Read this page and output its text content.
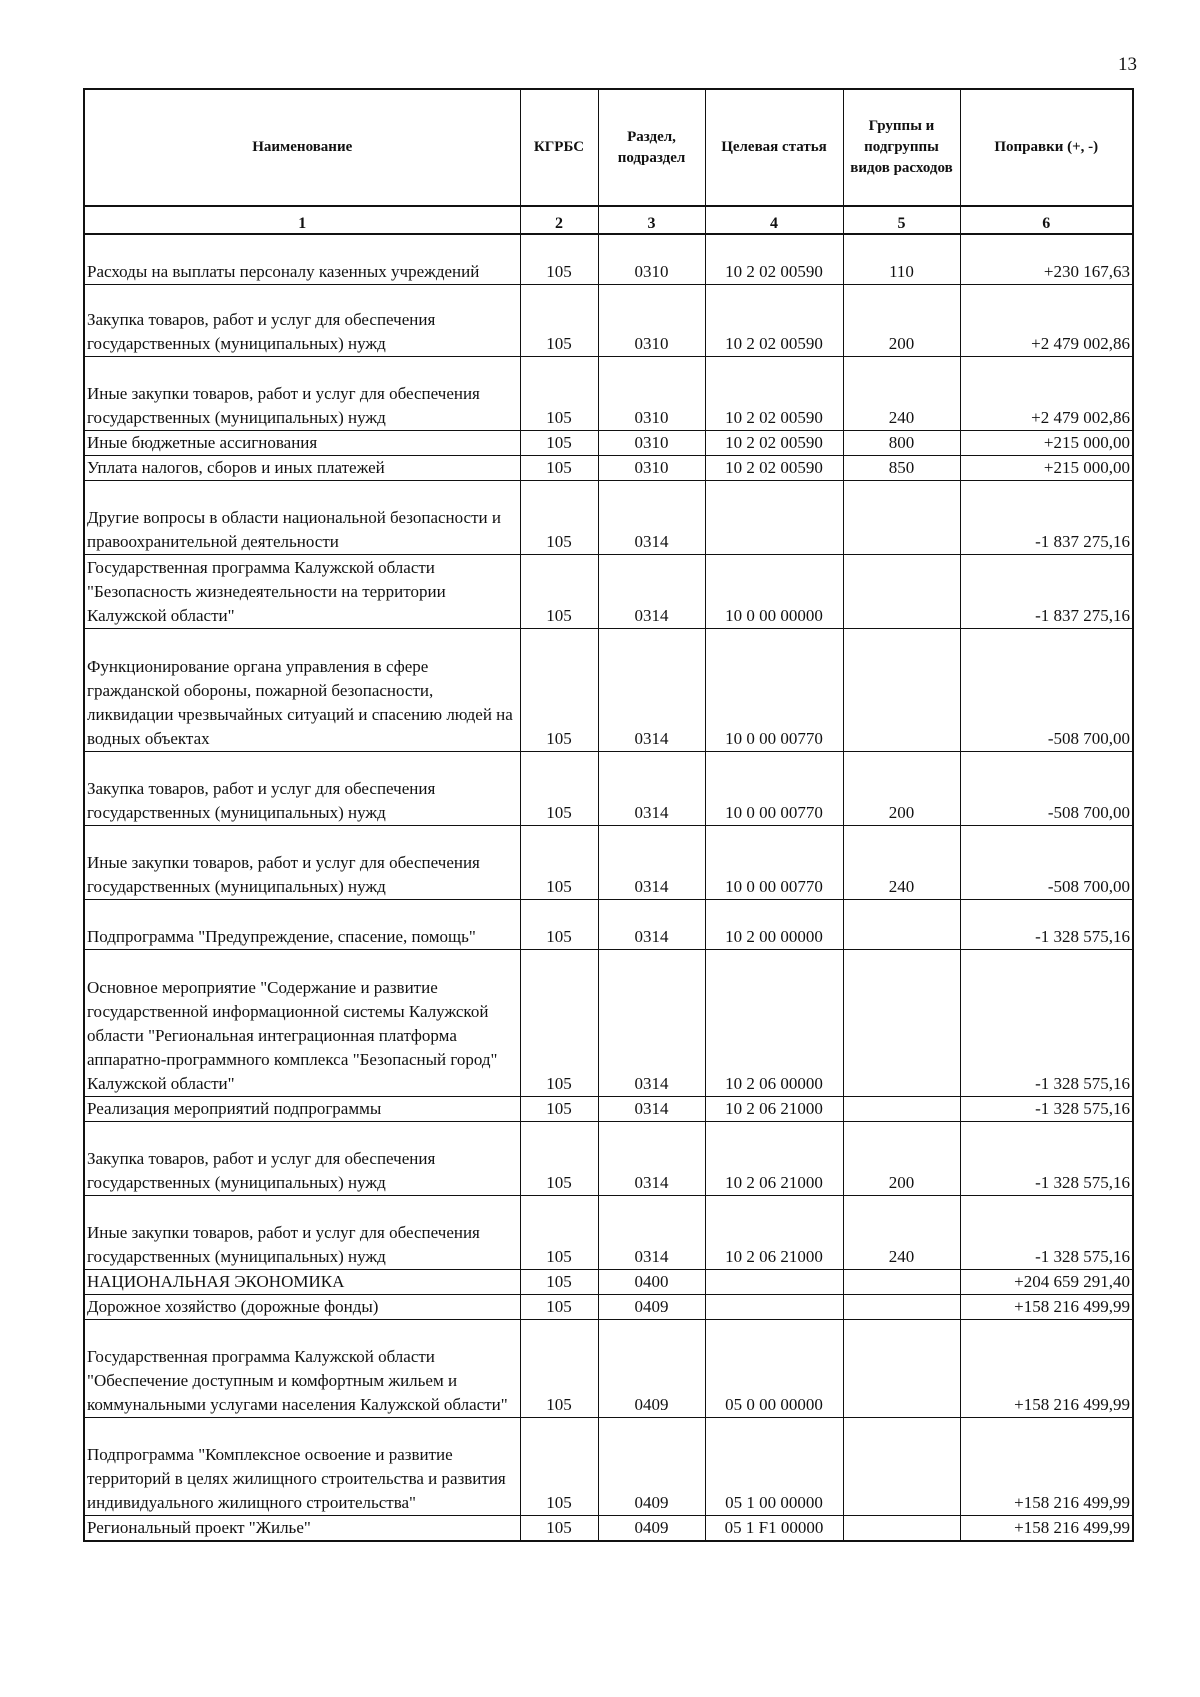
13
Наименование	КГРБС	Раздел, подраздел	Целевая статья	Группы и подгруппы видов расходов	Поправки (+, -)
1	2	3	4	5	6
Расходы на выплаты персоналу казенных учреждений	105	0310	10 2 02 00590	110	+230 167,63
Закупка товаров, работ и услуг для обеспечения государственных (муниципальных) нужд	105	0310	10 2 02 00590	200	+2 479 002,86
Иные закупки товаров, работ и услуг для обеспечения государственных (муниципальных) нужд	105	0310	10 2 02 00590	240	+2 479 002,86
Иные бюджетные ассигнования	105	0310	10 2 02 00590	800	+215 000,00
Уплата налогов, сборов и иных платежей	105	0310	10 2 02 00590	850	+215 000,00
Другие вопросы в области национальной безопасности и правоохранительной деятельности	105	0314			-1 837 275,16
Государственная программа Калужской области "Безопасность жизнедеятельности на территории Калужской области"	105	0314	10 0 00 00000		-1 837 275,16
Функционирование органа управления в сфере гражданской обороны, пожарной безопасности, ликвидации чрезвычайных ситуаций и спасению людей на водных объектах	105	0314	10 0 00 00770		-508 700,00
Закупка товаров, работ и услуг для обеспечения государственных (муниципальных) нужд	105	0314	10 0 00 00770	200	-508 700,00
Иные закупки товаров, работ и услуг для обеспечения государственных (муниципальных) нужд	105	0314	10 0 00 00770	240	-508 700,00
Подпрограмма "Предупреждение, спасение, помощь"	105	0314	10 2 00 00000		-1 328 575,16
Основное мероприятие "Содержание и развитие государственной информационной системы Калужской области "Региональная интеграционная платформа аппаратно-программного комплекса "Безопасный город" Калужской области"	105	0314	10 2 06 00000		-1 328 575,16
Реализация мероприятий подпрограммы	105	0314	10 2 06 21000		-1 328 575,16
Закупка товаров, работ и услуг для обеспечения государственных (муниципальных) нужд	105	0314	10 2 06 21000	200	-1 328 575,16
Иные закупки товаров, работ и услуг для обеспечения государственных (муниципальных) нужд	105	0314	10 2 06 21000	240	-1 328 575,16
НАЦИОНАЛЬНАЯ ЭКОНОМИКА	105	0400			+204 659 291,40
Дорожное хозяйство (дорожные фонды)	105	0409			+158 216 499,99
Государственная программа Калужской области "Обеспечение доступным и комфортным жильем и коммунальными услугами населения Калужской области"	105	0409	05 0 00 00000		+158 216 499,99
Подпрограмма "Комплексное освоение и развитие территорий в целях жилищного строительства и развития индивидуального жилищного строительства"	105	0409	05 1 00 00000		+158 216 499,99
Региональный проект "Жилье"	105	0409	05 1 F1 00000		+158 216 499,99
